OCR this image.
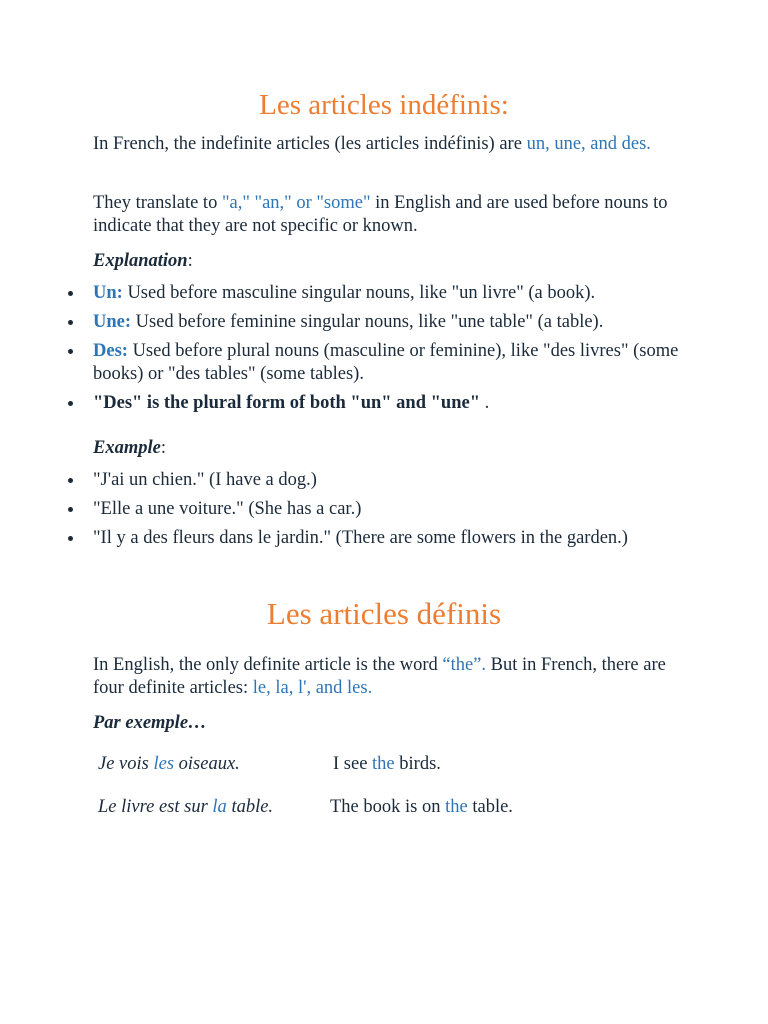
Les articles indéfinis:

In French, the indefinite articles (les articles indéfinis) are un, une, and des.

They translate to "a," "an," or "some" in English and are used before nouns to indicate that they are not specific or known.

Explanation:

Un: Used before masculine singular nouns, like "un livre" (a book).
Une: Used before feminine singular nouns, like "une table" (a table).
Des: Used before plural nouns (masculine or feminine), like "des livres" (some books) or "des tables" (some tables).
"Des" is the plural form of both "un" and "une" .

Example:

"J'ai un chien." (I have a dog.)
"Elle a une voiture." (She has a car.)
"Il y a des fleurs dans le jardin." (There are some flowers in the garden.)
Les articles définis

In English, the only definite article is the word “the”. But in French, there are four definite articles: le, la, l', and les.

Par exemple…

Je vois les oiseaux.	I see the birds.

Le livre est sur la table.	The book is on the table.
